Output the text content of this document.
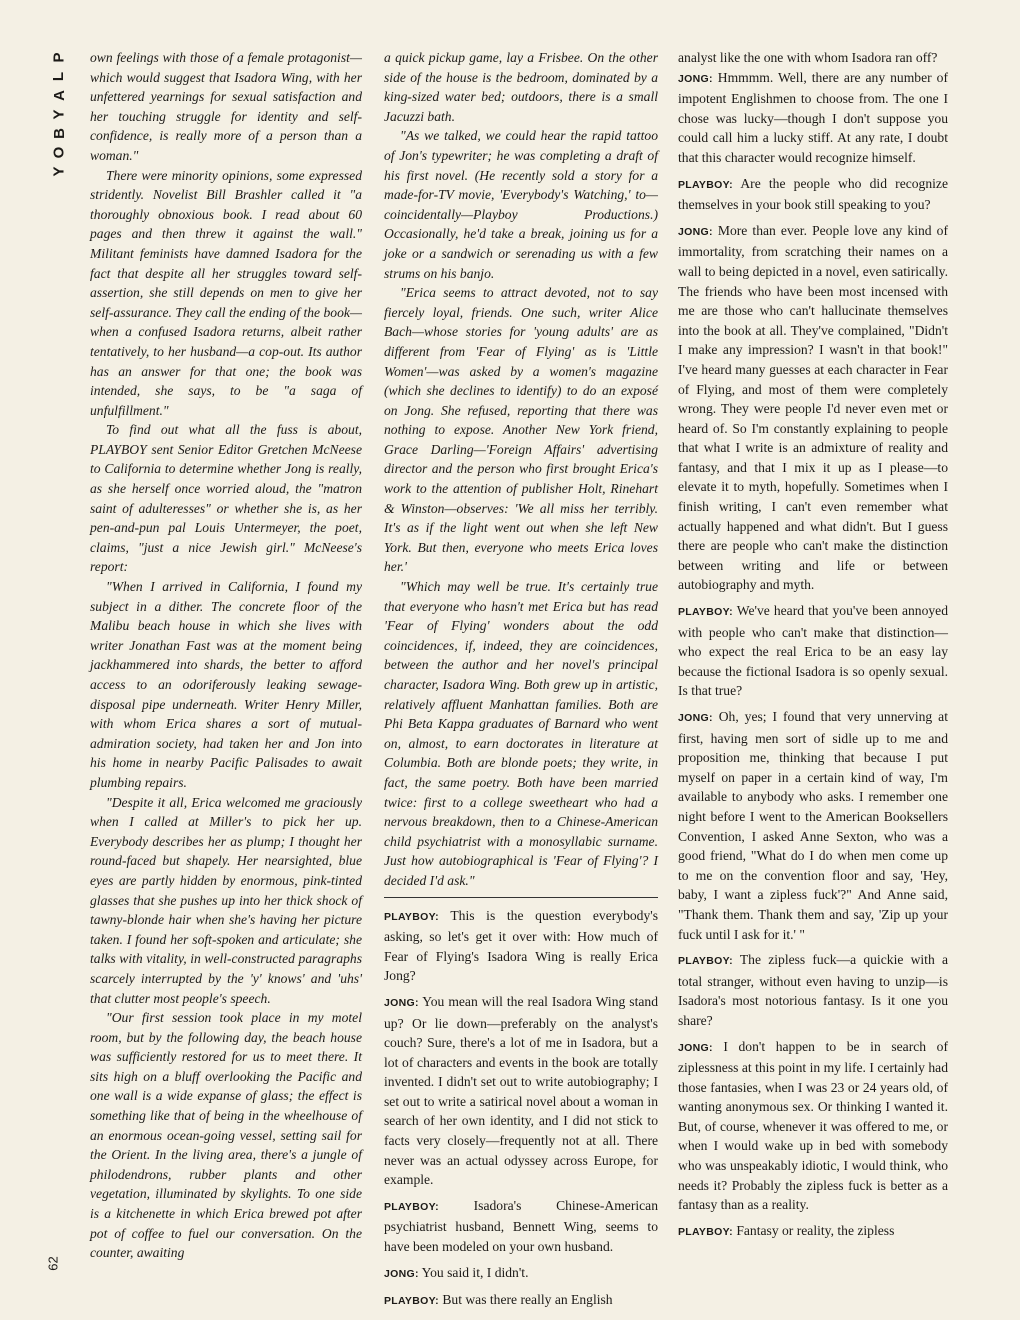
P
L
A
Y
B
O
Y
62

own feelings with those of a female protagonist—which would suggest that Isadora Wing, with her unfettered yearnings for sexual satisfaction and her touching struggle for identity and self-confidence, is really more of a person than a woman."

There were minority opinions, some expressed stridently. Novelist Bill Brashler called it "a thoroughly obnoxious book. I read about 60 pages and then threw it against the wall." Militant feminists have damned Isadora for the fact that despite all her struggles toward self-assertion, she still depends on men to give her self-assurance. They call the ending of the book—when a confused Isadora returns, albeit rather tentatively, to her husband—a cop-out. Its author has an answer for that one; the book was intended, she says, to be "a saga of unfulfillment."

To find out what all the fuss is about, PLAYBOY sent Senior Editor Gretchen McNeese to California to determine whether Jong is really, as she herself once worried aloud, the "matron saint of adulteresses" or whether she is, as her pen-and-pun pal Louis Untermeyer, the poet, claims, "just a nice Jewish girl." McNeese's report:

"When I arrived in California, I found my subject in a dither. The concrete floor of the Malibu beach house in which she lives with writer Jonathan Fast was at the moment being jackhammered into shards, the better to afford access to an odoriferously leaking sewage-disposal pipe underneath. Writer Henry Miller, with whom Erica shares a sort of mutual-admiration society, had taken her and Jon into his home in nearby Pacific Palisades to await plumbing repairs.

"Despite it all, Erica welcomed me graciously when I called at Miller's to pick her up. Everybody describes her as plump; I thought her round-faced but shapely. Her nearsighted, blue eyes are partly hidden by enormous, pink-tinted glasses that she pushes up into her thick shock of tawny-blonde hair when she's having her picture taken. I found her soft-spoken and articulate; she talks with vitality, in well-constructed paragraphs scarcely interrupted by the 'y' knows' and 'uhs' that clutter most people's speech.

"Our first session took place in my motel room, but by the following day, the beach house was sufficiently restored for us to meet there. It sits high on a bluff overlooking the Pacific and one wall is a wide expanse of glass; the effect is something like that of being in the wheelhouse of an enormous ocean-going vessel, setting sail for the Orient. In the living area, there's a jungle of philodendrons, rubber plants and other vegetation, illuminated by skylights. To one side is a kitchenette in which Erica brewed pot after pot of coffee to fuel our conversation. On the counter, awaiting

a quick pickup game, lay a Frisbee. On the other side of the house is the bedroom, dominated by a king-sized water bed; outdoors, there is a small Jacuzzi bath.

"As we talked, we could hear the rapid tattoo of Jon's typewriter; he was completing a draft of his first novel. (He recently sold a story for a made-for-TV movie, 'Everybody's Watching,' to—coincidentally—Playboy Productions.) Occasionally, he'd take a break, joining us for a joke or a sandwich or serenading us with a few strums on his banjo.

"Erica seems to attract devoted, not to say fiercely loyal, friends. One such, writer Alice Bach—whose stories for 'young adults' are as different from 'Fear of Flying' as is 'Little Women'—was asked by a women's magazine (which she declines to identify) to do an exposé on Jong. She refused, reporting that there was nothing to expose. Another New York friend, Grace Darling—'Foreign Affairs' advertising director and the person who first brought Erica's work to the attention of publisher Holt, Rinehart & Winston—observes: 'We all miss her terribly. It's as if the light went out when she left New York. But then, everyone who meets Erica loves her.'

"Which may well be true. It's certainly true that everyone who hasn't met Erica but has read 'Fear of Flying' wonders about the odd coincidences, if, indeed, they are coincidences, between the author and her novel's principal character, Isadora Wing. Both grew up in artistic, relatively affluent Manhattan families. Both are Phi Beta Kappa graduates of Barnard who went on, almost, to earn doctorates in literature at Columbia. Both are blonde poets; they write, in fact, the same poetry. Both have been married twice: first to a college sweetheart who had a nervous breakdown, then to a Chinese-American child psychiatrist with a monosyllabic surname. Just how autobiographical is 'Fear of Flying'? I decided I'd ask."

PLAYBOY: This is the question everybody's asking, so let's get it over with: How much of Fear of Flying's Isadora Wing is really Erica Jong?

JONG: You mean will the real Isadora Wing stand up? Or lie down—preferably on the analyst's couch? Sure, there's a lot of me in Isadora, but a lot of characters and events in the book are totally invented. I didn't set out to write autobiography; I set out to write a satirical novel about a woman in search of her own identity, and I did not stick to facts very closely—frequently not at all. There never was an actual odyssey across Europe, for example.

PLAYBOY:	Isadora's Chinese-American psychiatrist husband, Bennett Wing, seems to have been modeled on your own husband.

JONG: You said it, I didn't.

PLAYBOY: But was there really an English

analyst like the one with whom Isadora ran off?

JONG: Hmmmm. Well, there are any number of impotent Englishmen to choose from. The one I chose was lucky—though I don't suppose you could call him a lucky stiff. At any rate, I doubt that this character would recognize himself.

PLAYBOY: Are the people who did recognize themselves in your book still speaking to you?

JONG: More than ever. People love any kind of immortality, from scratching their names on a wall to being depicted in a novel, even satirically. The friends who have been most incensed with me are those who can't hallucinate themselves into the book at all. They've complained, "Didn't I make any impression? I wasn't in that book!" I've heard many guesses at each character in Fear of Flying, and most of them were completely wrong. They were people I'd never even met or heard of. So I'm constantly explaining to people that what I write is an admixture of reality and fantasy, and that I mix it up as I please—to elevate it to myth, hopefully. Sometimes when I finish writing, I can't even remember what actually happened and what didn't. But I guess there are people who can't make the distinction between writing and life or between autobiography and myth.

PLAYBOY: We've heard that you've been annoyed with people who can't make that distinction—who expect the real Erica to be an easy lay because the fictional Isadora is so openly sexual. Is that true?

JONG: Oh, yes; I found that very unnerving at first, having men sort of sidle up to me and proposition me, thinking that because I put myself on paper in a certain kind of way, I'm available to anybody who asks. I remember one night before I went to the American Booksellers Convention, I asked Anne Sexton, who was a good friend, "What do I do when men come up to me on the convention floor and say, 'Hey, baby, I want a zipless fuck'?" And Anne said, "Thank them. Thank them and say, 'Zip up your fuck until I ask for it.' "

PLAYBOY: The zipless fuck—a quickie with a total stranger, without even having to unzip—is Isadora's most notorious fantasy. Is it one you share?

JONG: I don't happen to be in search of ziplessness at this point in my life. I certainly had those fantasies, when I was 23 or 24 years old, of wanting anonymous sex. Or thinking I wanted it. But, of course, whenever it was offered to me, or when I would wake up in bed with somebody who was unspeakably idiotic, I would think, who needs it? Probably the zipless fuck is better as a fantasy than as a reality.

PLAYBOY: Fantasy or reality, the zipless
